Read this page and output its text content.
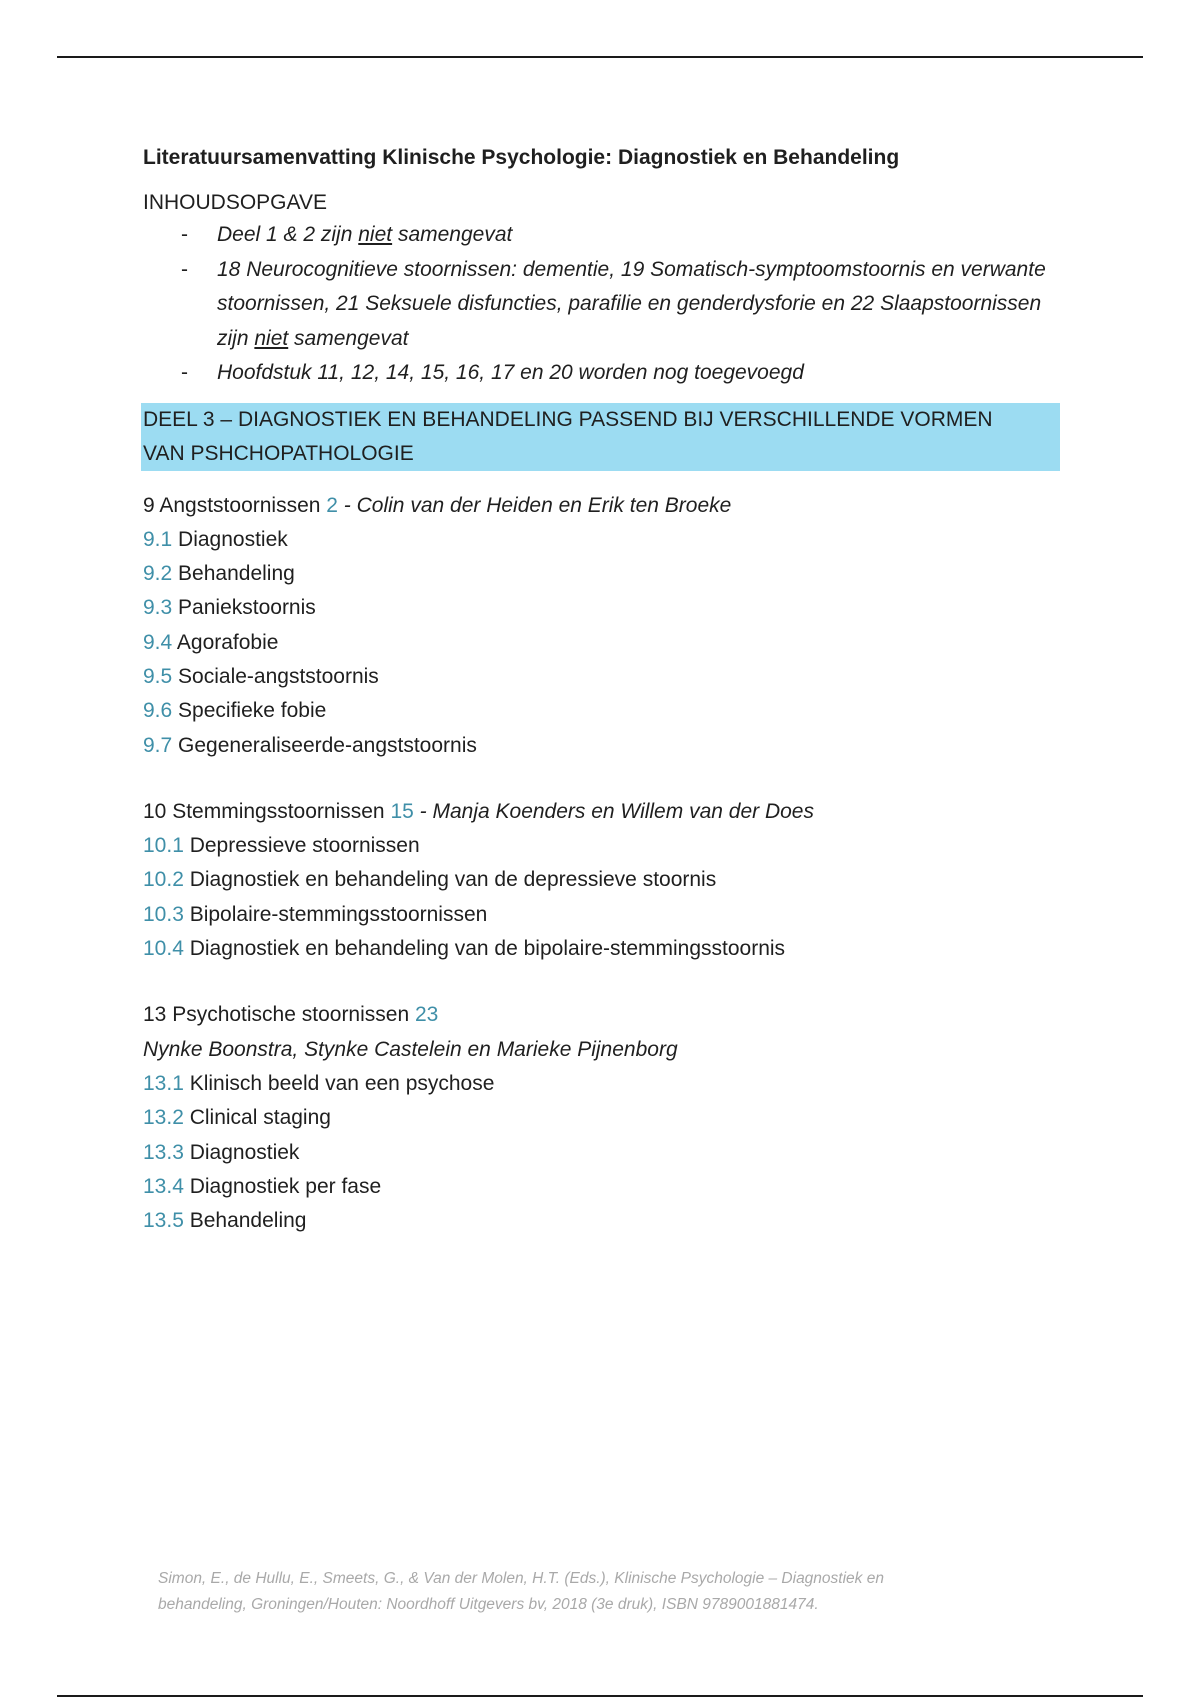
Literatuursamenvatting Klinische Psychologie: Diagnostiek en Behandeling
INHOUDSOPGAVE
- Deel 1 & 2 zijn niet samengevat
- 18 Neurocognitieve stoornissen: dementie, 19 Somatisch-symptoomstoornis en verwante stoornissen, 21 Seksuele disfuncties, parafilie en genderdysforie en 22 Slaapstoornissen zijn niet samengevat
- Hoofdstuk 11, 12, 14, 15, 16, 17 en 20 worden nog toegevoegd
DEEL 3 – DIAGNOSTIEK EN BEHANDELING PASSEND BIJ VERSCHILLENDE VORMEN
VAN PSHCHOPATHOLOGIE
9 Angststoornissen 2 - Colin van der Heiden en Erik ten Broeke
9.1 Diagnostiek
9.2 Behandeling
9.3 Paniekstoornis
9.4 Agorafobie
9.5 Sociale-angststoornis
9.6 Specifieke fobie
9.7 Gegeneraliseerde-angststoornis
10 Stemmingsstoornissen 15 - Manja Koenders en Willem van der Does
10.1 Depressieve stoornissen
10.2 Diagnostiek en behandeling van de depressieve stoornis
10.3 Bipolaire-stemmingsstoornissen
10.4 Diagnostiek en behandeling van de bipolaire-stemmingsstoornis
13 Psychotische stoornissen 23
Nynke Boonstra, Stynke Castelein en Marieke Pijnenborg
13.1 Klinisch beeld van een psychose
13.2 Clinical staging
13.3 Diagnostiek
13.4 Diagnostiek per fase
13.5 Behandeling
Simon, E., de Hullu, E., Smeets, G., & Van der Molen, H.T. (Eds.), Klinische Psychologie – Diagnostiek en
behandeling, Groningen/Houten: Noordhoff Uitgevers bv, 2018 (3e druk), ISBN 9789001881474.
